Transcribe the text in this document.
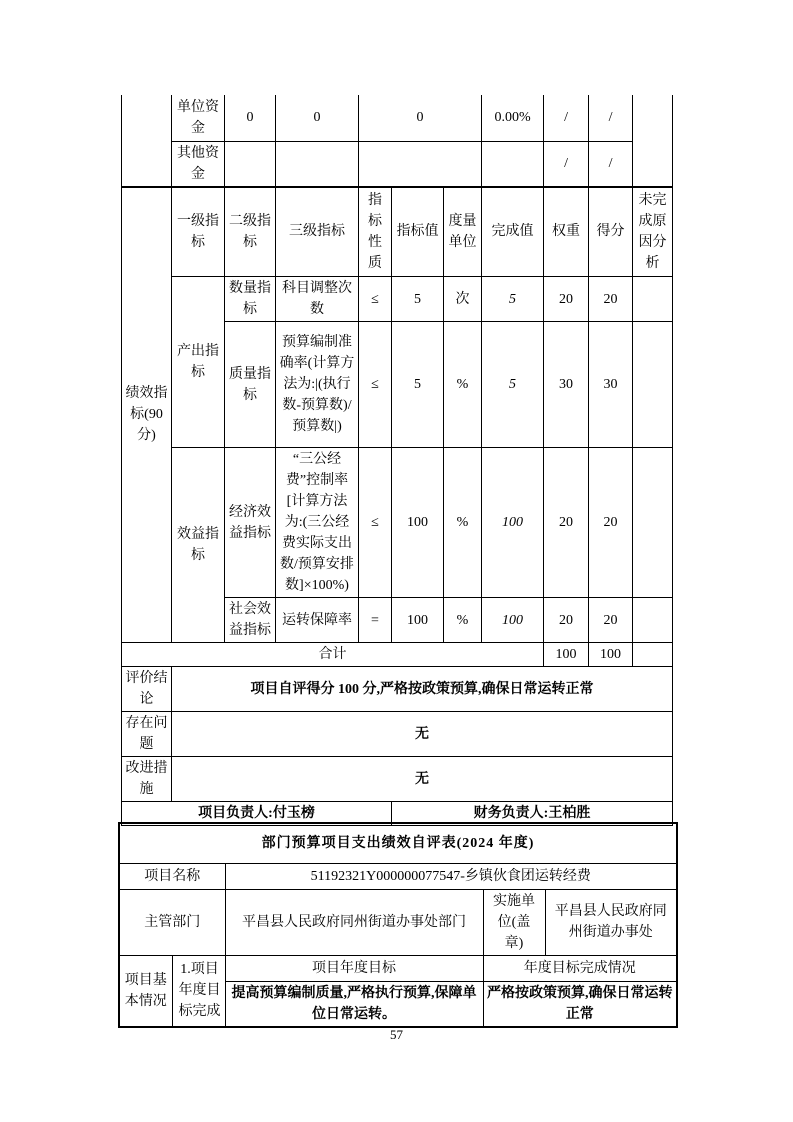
	单位资金	0	0	0			0.00%	/	/	
	其他资金							/	/	
绩效指标(90分)	一级指标	二级指标	三级指标	指标性质	指标值	度量单位	完成值	权重	得分	未完成原因分析
	产出指标	数量指标	科目调整次数	≤	5	次	5	20	20	
		质量指标	预算编制准确率(计算方法为:|(执行数-预算数)/预算数|)	≤	5	%	5	30	30	
	效益指标	经济效益指标	“三公经费”控制率[计算方法为:(三公经费实际支出数/预算安排数]×100%)	≤	100	%	100	20	20	
		社会效益指标	运转保障率	=	100	%	100	20	20	
合计								100	100	
评价结论	项目自评得分 100 分,严格按政策预算,确保日常运转正常									
存在问题	无									
改进措施	无									
项目负责人:付玉榜					财务负责人:王柏胜					
部门预算项目支出绩效自评表(2024 年度)				
项目名称		51192321Y000000077547-乡镇伙食团运转经费		
主管部门		平昌县人民政府同州街道办事处部门	实施单位(盖章)	平昌县人民政府同州街道办事处
项目基本情况	1.项目年度目标完成	项目年度目标	年度目标完成情况	
		提高预算编制质量,严格执行预算,保障单位日常运转。	严格按政策预算,确保日常运转正常	
57
